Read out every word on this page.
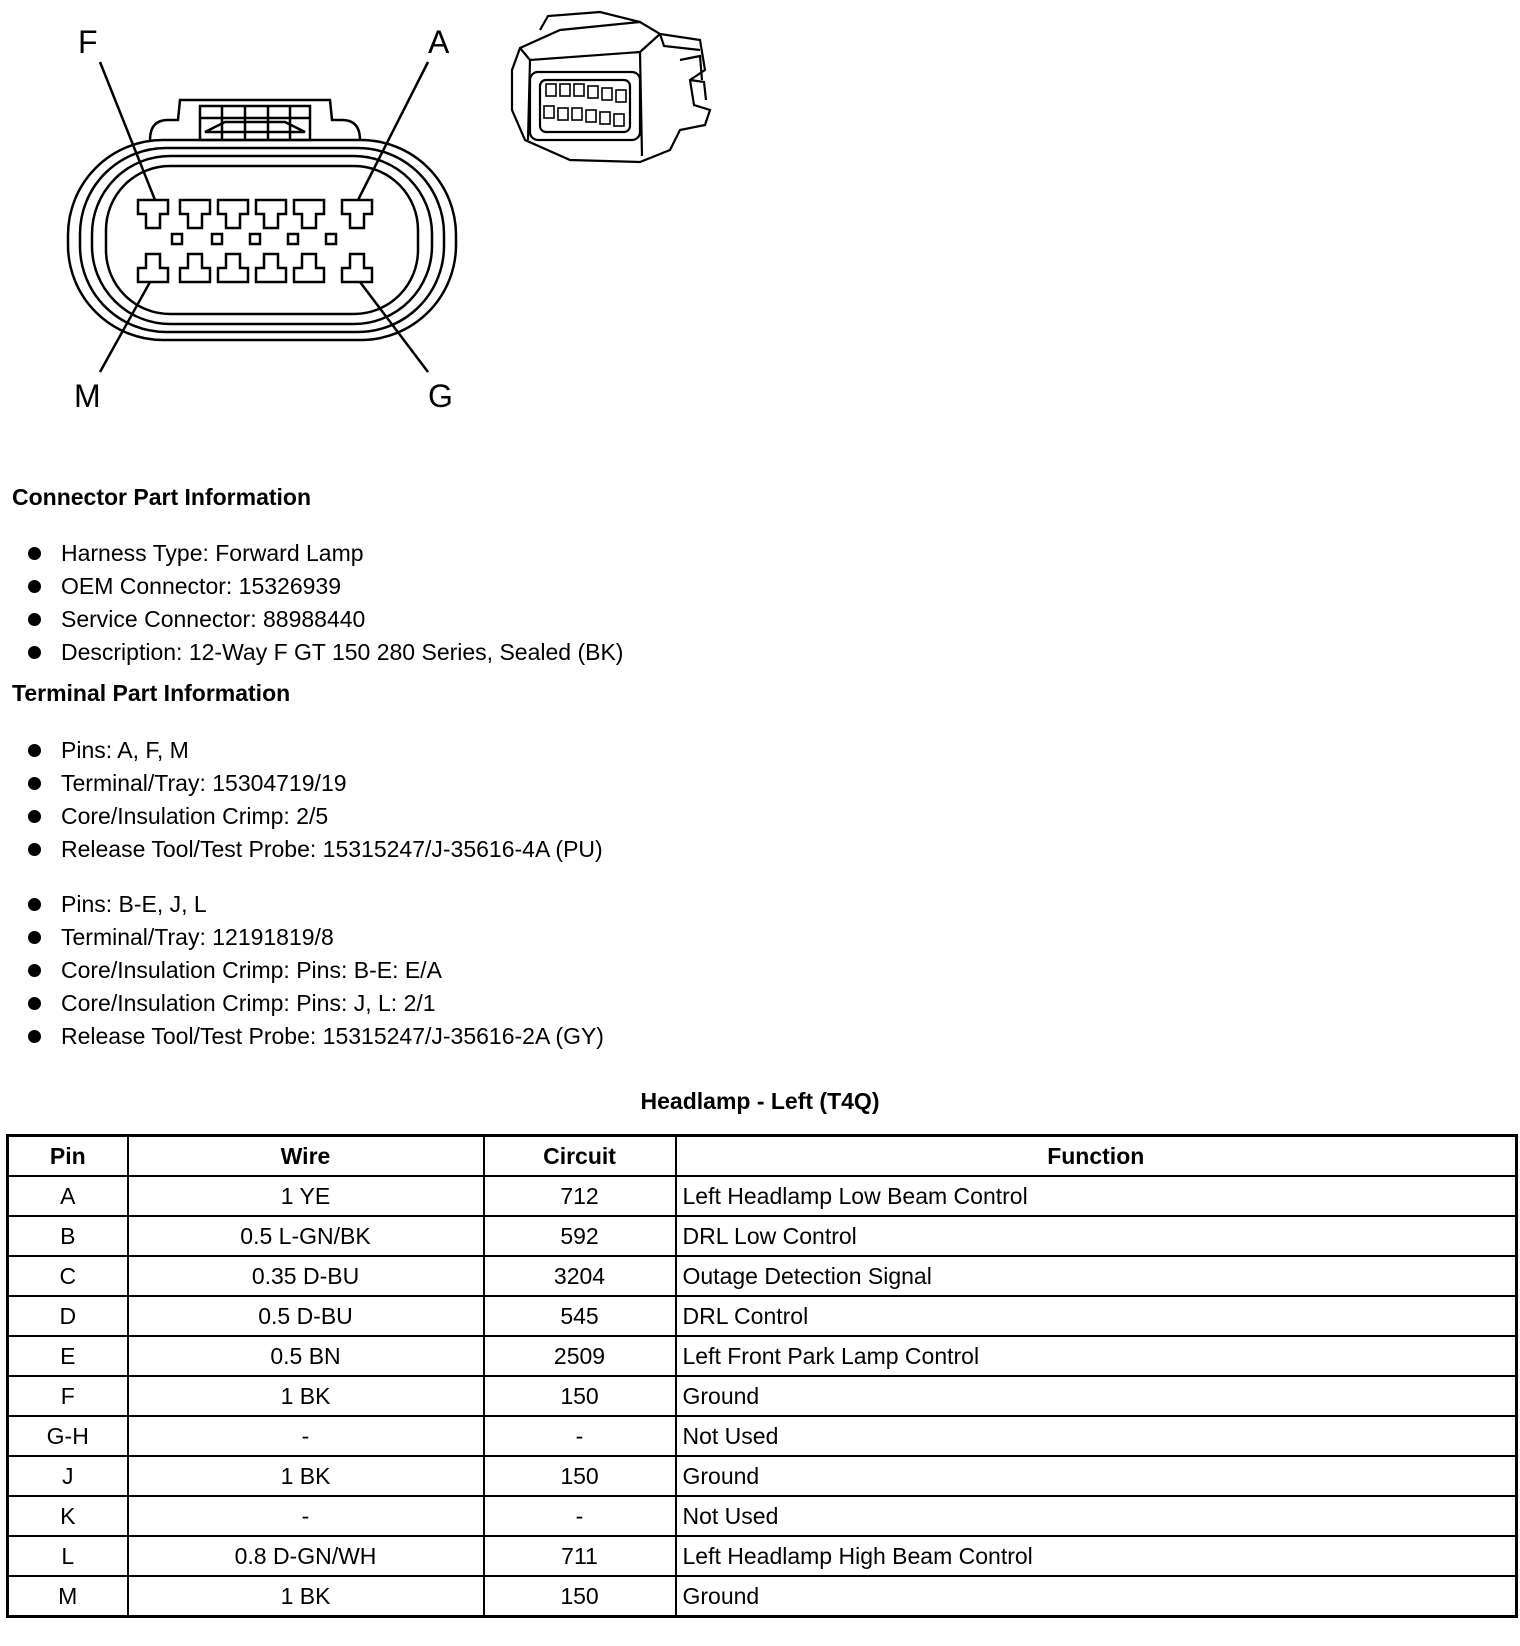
F	A
M	G
Connector Part Information
Harness Type: Forward Lamp
OEM Connector: 15326939
Service Connector: 88988440
Description: 12-Way F GT 150 280 Series, Sealed (BK)
Terminal Part Information
Pins: A, F, M
Terminal/Tray: 15304719/19
Core/Insulation Crimp: 2/5
Release Tool/Test Probe: 15315247/J-35616-4A (PU)
Pins: B-E, J, L
Terminal/Tray: 12191819/8
Core/Insulation Crimp: Pins: B-E: E/A
Core/Insulation Crimp: Pins: J, L: 2/1
Release Tool/Test Probe: 15315247/J-35616-2A (GY)
Headlamp - Left (T4Q)
Pin	Wire	Circuit	Function
A	1 YE	712	Left Headlamp Low Beam Control
B	0.5 L-GN/BK	592	DRL Low Control
C	0.35 D-BU	3204	Outage Detection Signal
D	0.5 D-BU	545	DRL Control
E	0.5 BN	2509	Left Front Park Lamp Control
F	1 BK	150	Ground
G-H	-	-	Not Used
J	1 BK	150	Ground
K	-	-	Not Used
L	0.8 D-GN/WH	711	Left Headlamp High Beam Control
M	1 BK	150	Ground
